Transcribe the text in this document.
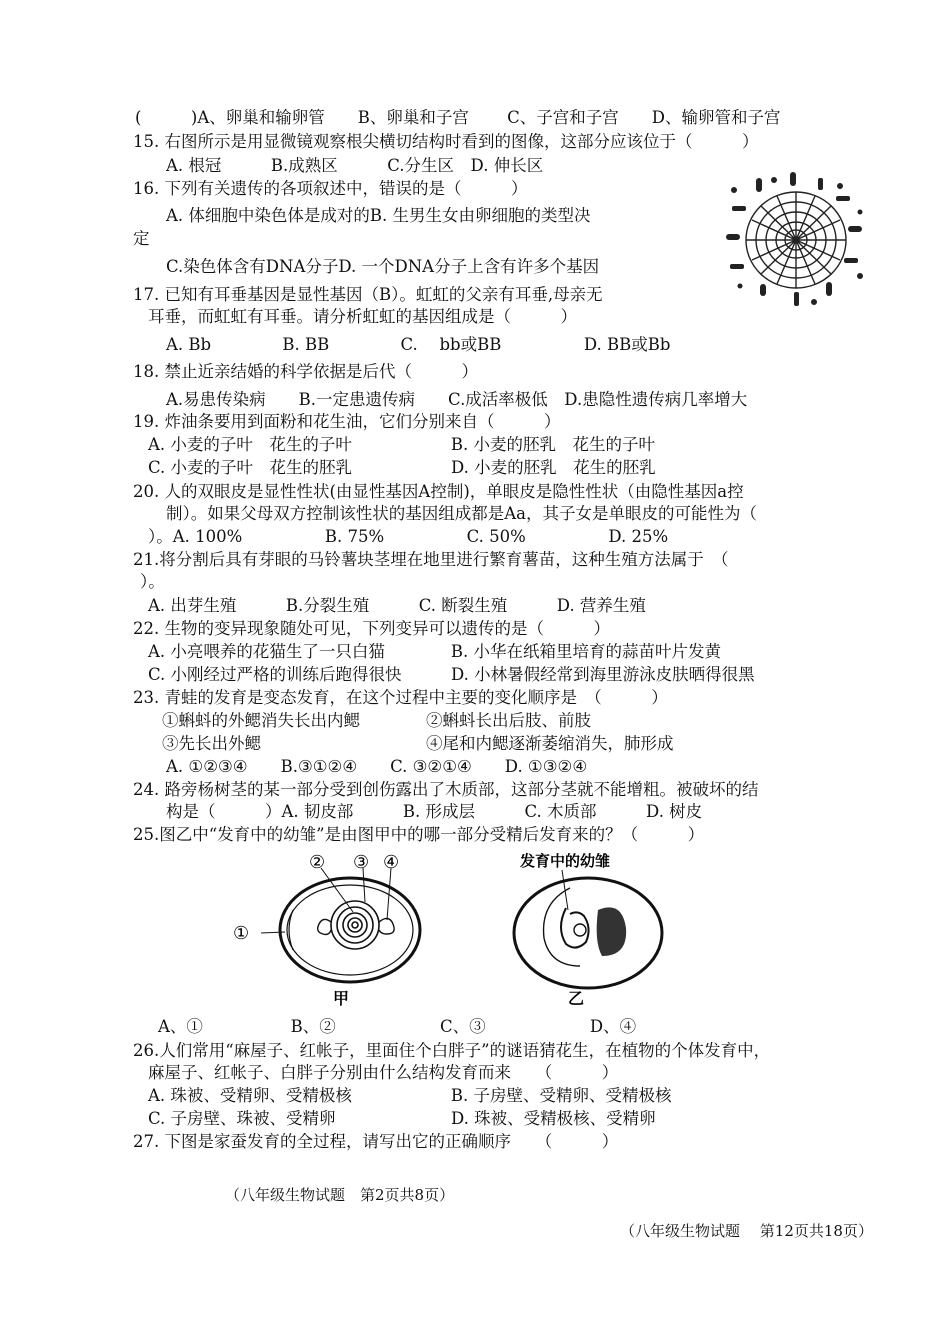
(　　　)A、卵巢和输卵管　　B、卵巢和子宫　　 C、子宫和子宫　　D、输卵管和子宫
15. 右图所示是用显微镜观察根尖横切结构时看到的图像，这部分应该位于（　　　）
A. 根冠　　　B.成熟区　　　C.分生区　D. 伸长区
16. 下列有关遗传的各项叙述中，错误的是（　　　）
A. 体细胞中染色体是成对的B. 生男生女由卵细胞的类型决
定
C.染色体含有DNA分子D. 一个DNA分子上含有许多个基因
17. 已知有耳垂基因是显性基因（B）。虹虹的父亲有耳垂,母亲无
耳垂，而虹虹有耳垂。请分析虹虹的基因组成是（　　　）
A. Bb　　　　 B. BB　　　　 C.　 bb或BB　　　　　D. BB或Bb
18. 禁止近亲结婚的科学依据是后代（　　　）
A.易患传染病　　B.一定患遗传病　　C.成活率极低　D.患隐性遗传病几率增大
19. 炸油条要用到面粉和花生油，它们分别来自（　　　）
A. 小麦的子叶　花生的子叶　　　　　　B. 小麦的胚乳　花生的子叶
C. 小麦的子叶　花生的胚乳　　　　　　D. 小麦的胚乳　花生的胚乳
20. 人的双眼皮是显性性状(由显性基因A控制)，单眼皮是隐性性状（由隐性基因a控
制）。如果父母双方控制该性状的基因组成都是Aa，其子女是单眼皮的可能性为（
）。A. 100%　　　　　B. 75%　　　　　C. 50%　　　　　D. 25%
21.将分割后具有芽眼的马铃薯块茎埋在地里进行繁育薯苗，这种生殖方法属于　（
）。
A. 出芽生殖　　　B.分裂生殖　　　C. 断裂生殖　　　D. 营养生殖
22. 生物的变异现象随处可见，下列变异可以遗传的是（　　　）
A. 小亮喂养的花猫生了一只白猫　　　　B. 小华在纸箱里培育的蒜苗叶片发黄
C. 小刚经过严格的训练后跑得很快　　　D. 小林暑假经常到海里游泳皮肤晒得很黑
23. 青蛙的发育是变态发育，在这个过程中主要的变化顺序是　（　　　）
①蝌蚪的外鳃消失长出内鳃　　　　②蝌蚪长出后肢、前肢
③先长出外鳃　　　　　　　　　　④尾和内鳃逐渐萎缩消失，肺形成
A. ①②③④　　B.③①②④　　C. ③②①④　　D. ①③②④
24. 路旁杨树茎的某一部分受到创伤露出了木质部，这部分茎就不能增粗。被破坏的结
构是（　　　）A. 韧皮部　　　B. 形成层　　　C. 木质部　　　D. 树皮
25.图乙中“发育中的幼雏”是由图甲中的哪一部分受精后发育来的？（　　　）
①
② ③ ④
甲
发育中的幼雏
乙
A、①　　　　　 B、②　　　　　　 C、③　　　　　　 D、④
26.人们常用“麻屋子、红帐子，里面住个白胖子”的谜语猜花生，在植物的个体发育中，
麻屋子、红帐子、白胖子分别由什么结构发育而来　　（　　　）
A. 珠被、受精卵、受精极核　　　　　　B. 子房壁、受精卵、受精极核
C. 子房壁、珠被、受精卵　　　　　　　D. 珠被、受精极核、受精卵
27. 下图是家蚕发育的全过程，请写出它的正确顺序　　（　　　）
（八年级生物试题　第2页共8页）
（八年级生物试题　 第12页共18页）
